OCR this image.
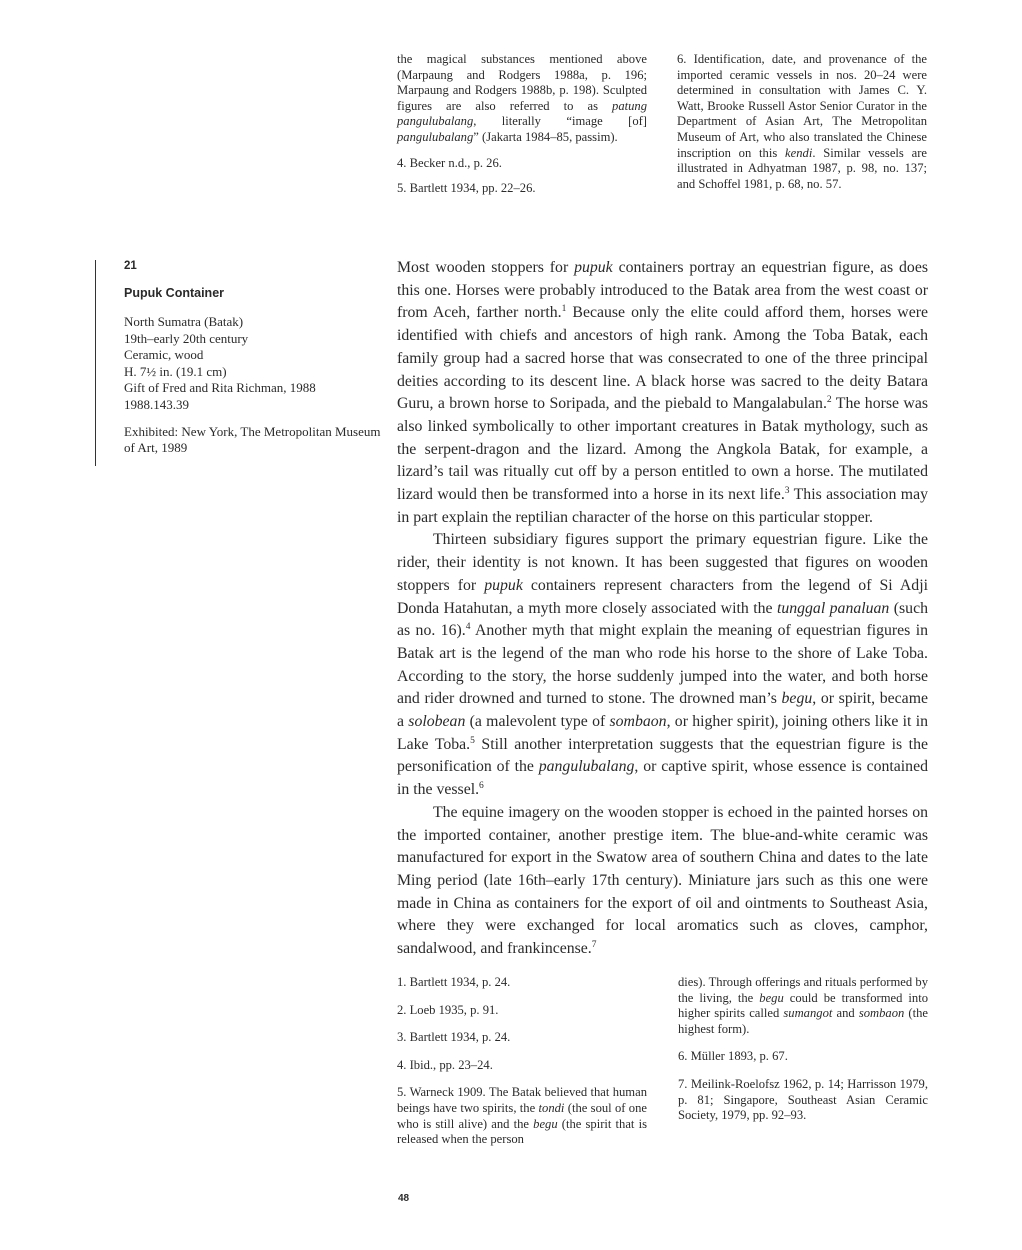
the magical substances mentioned above (Marpaung and Rodgers 1988a, p. 196; Marpaung and Rodgers 1988b, p. 198). Sculpted figures are also referred to as patung pangulubalang, literally “image [of] pangulubalang” (Jakarta 1984–85, passim).

4. Becker n.d., p. 26.

5. Bartlett 1934, pp. 22–26.

6. Identification, date, and provenance of the imported ceramic vessels in nos. 20–24 were determined in consultation with James C. Y. Watt, Brooke Russell Astor Senior Curator in the Department of Asian Art, The Metropolitan Museum of Art, who also translated the Chinese inscription on this kendi. Similar vessels are illustrated in Adhyatman 1987, p. 98, no. 137; and Schoffel 1981, p. 68, no. 57.

21
Pupuk Container

North Sumatra (Batak)

19th–early 20th century

Ceramic, wood

H. 7½ in. (19.1 cm)

Gift of Fred and Rita Richman, 1988

1988.143.39

Exhibited: New York, The Metropolitan Museum of Art, 1989

Most wooden stoppers for pupuk containers portray an equestrian figure, as does this one. Horses were probably introduced to the Batak area from the west coast or from Aceh, farther north.$^1$ Because only the elite could afford them, horses were identified with chiefs and ancestors of high rank. Among the Toba Batak, each family group had a sacred horse that was consecrated to one of the three principal deities according to its descent line. A black horse was sacred to the deity Batara Guru, a brown horse to Soripada, and the piebald to Mangalabulan.$^2$ The horse was also linked symbolically to other important creatures in Batak mythology, such as the serpent-dragon and the lizard. Among the Angkola Batak, for example, a lizard’s tail was ritually cut off by a person entitled to own a horse. The mutilated lizard would then be transformed into a horse in its next life.$^3$ This association may in part explain the reptilian character of the horse on this particular stopper.

Thirteen subsidiary figures support the primary equestrian figure. Like the rider, their identity is not known. It has been suggested that figures on wooden stoppers for pupuk containers represent characters from the legend of Si Adji Donda Hatahutan, a myth more closely associated with the tunggal panaluan (such as no. 16).$^4$ Another myth that might explain the meaning of equestrian figures in Batak art is the legend of the man who rode his horse to the shore of Lake Toba. According to the story, the horse suddenly jumped into the water, and both horse and rider drowned and turned to stone. The drowned man’s begu, or spirit, became a solobean (a malevolent type of sombaon, or higher spirit), joining others like it in Lake Toba.$^5$ Still another interpretation suggests that the equestrian figure is the personification of the pangulubalang, or captive spirit, whose essence is contained in the vessel.$^6$

The equine imagery on the wooden stopper is echoed in the painted horses on the imported container, another prestige item. The blue-and-white ceramic was manufactured for export in the Swatow area of southern China and dates to the late Ming period (late 16th–early 17th century). Miniature jars such as this one were made in China as containers for the export of oil and ointments to Southeast Asia, where they were exchanged for local aromatics such as cloves, camphor, sandalwood, and frankincense.$^7$

1. Bartlett 1934, p. 24.

2. Loeb 1935, p. 91.

3. Bartlett 1934, p. 24.

4. Ibid., pp. 23–24.

5. Warneck 1909. The Batak believed that human beings have two spirits, the tondi (the soul of one who is still alive) and the begu (the spirit that is released when the person

dies). Through offerings and rituals performed by the living, the begu could be transformed into higher spirits called sumangot and sombaon (the highest form).

6. Müller 1893, p. 67.

7. Meilink-Roelofsz 1962, p. 14; Harrisson 1979, p. 81; Singapore, Southeast Asian Ceramic Society, 1979, pp. 92–93.

48
